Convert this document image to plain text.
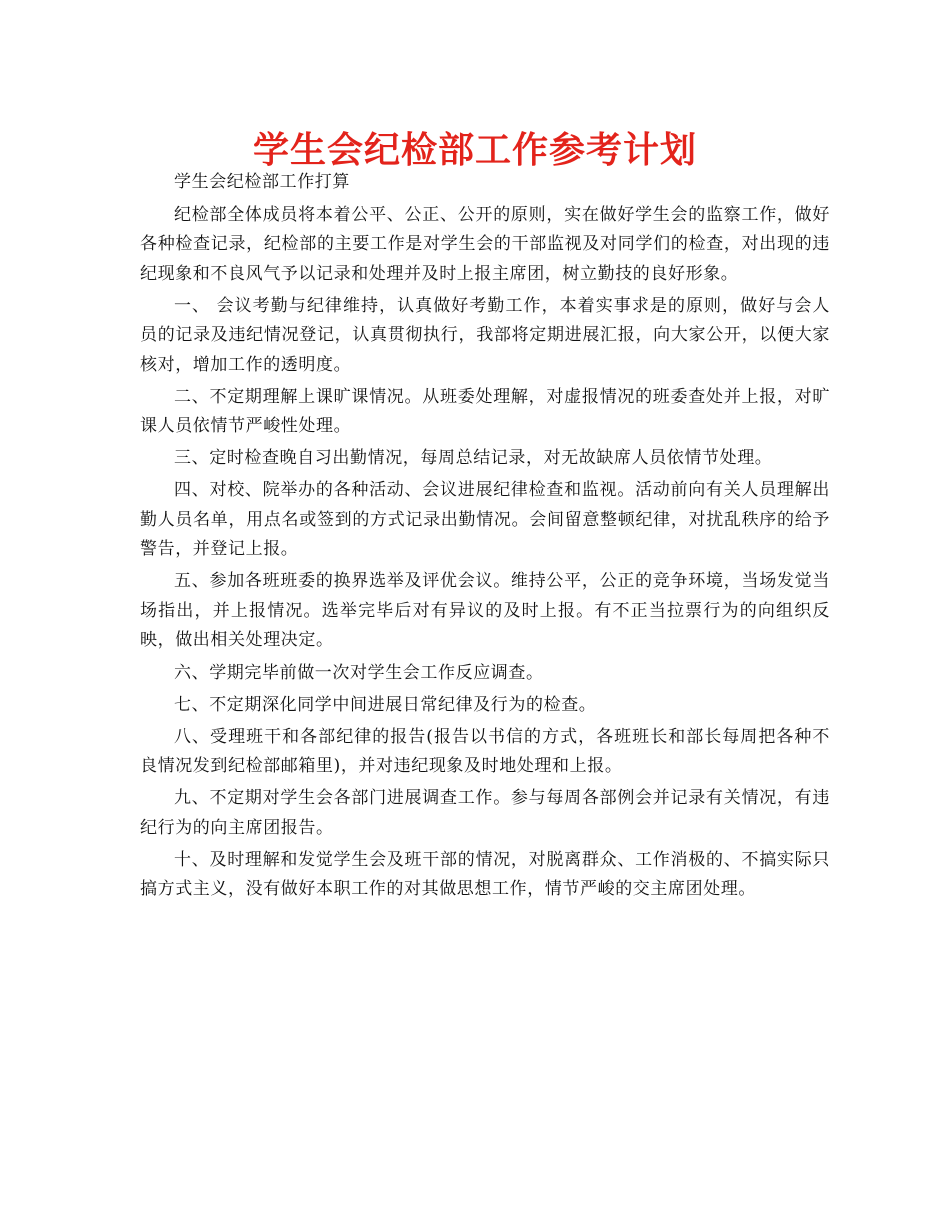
学生会纪检部工作参考计划

学生会纪检部工作打算

纪检部全体成员将本着公平、公正、公开的原则，实在做好学生会的监察工作，做好各种检查记录，纪检部的主要工作是对学生会的干部监视及对同学们的检查，对出现的违纪现象和不良风气予以记录和处理并及时上报主席团，树立勤技的良好形象。

一、 会议考勤与纪律维持，认真做好考勤工作，本着实事求是的原则，做好与会人员的记录及违纪情况登记，认真贯彻执行，我部将定期进展汇报，向大家公开，以便大家核对，增加工作的透明度。

二、不定期理解上课旷课情况。从班委处理解，对虚报情况的班委查处并上报，对旷课人员依情节严峻性处理。

三、定时检查晚自习出勤情况，每周总结记录，对无故缺席人员依情节处理。

四、对校、院举办的各种活动、会议进展纪律检查和监视。活动前向有关人员理解出勤人员名单，用点名或签到的方式记录出勤情况。会间留意整顿纪律，对扰乱秩序的给予警告，并登记上报。

五、参加各班班委的换界选举及评优会议。维持公平，公正的竞争环境，当场发觉当场指出，并上报情况。选举完毕后对有异议的及时上报。有不正当拉票行为的向组织反映，做出相关处理决定。

六、学期完毕前做一次对学生会工作反应调查。

七、不定期深化同学中间进展日常纪律及行为的检查。

八、受理班干和各部纪律的报告(报告以书信的方式，各班班长和部长每周把各种不良情况发到纪检部邮箱里)，并对违纪现象及时地处理和上报。

九、不定期对学生会各部门进展调查工作。参与每周各部例会并记录有关情况，有违纪行为的向主席团报告。

十、及时理解和发觉学生会及班干部的情况，对脱离群众、工作消极的、不搞实际只搞方式主义，没有做好本职工作的对其做思想工作，情节严峻的交主席团处理。
